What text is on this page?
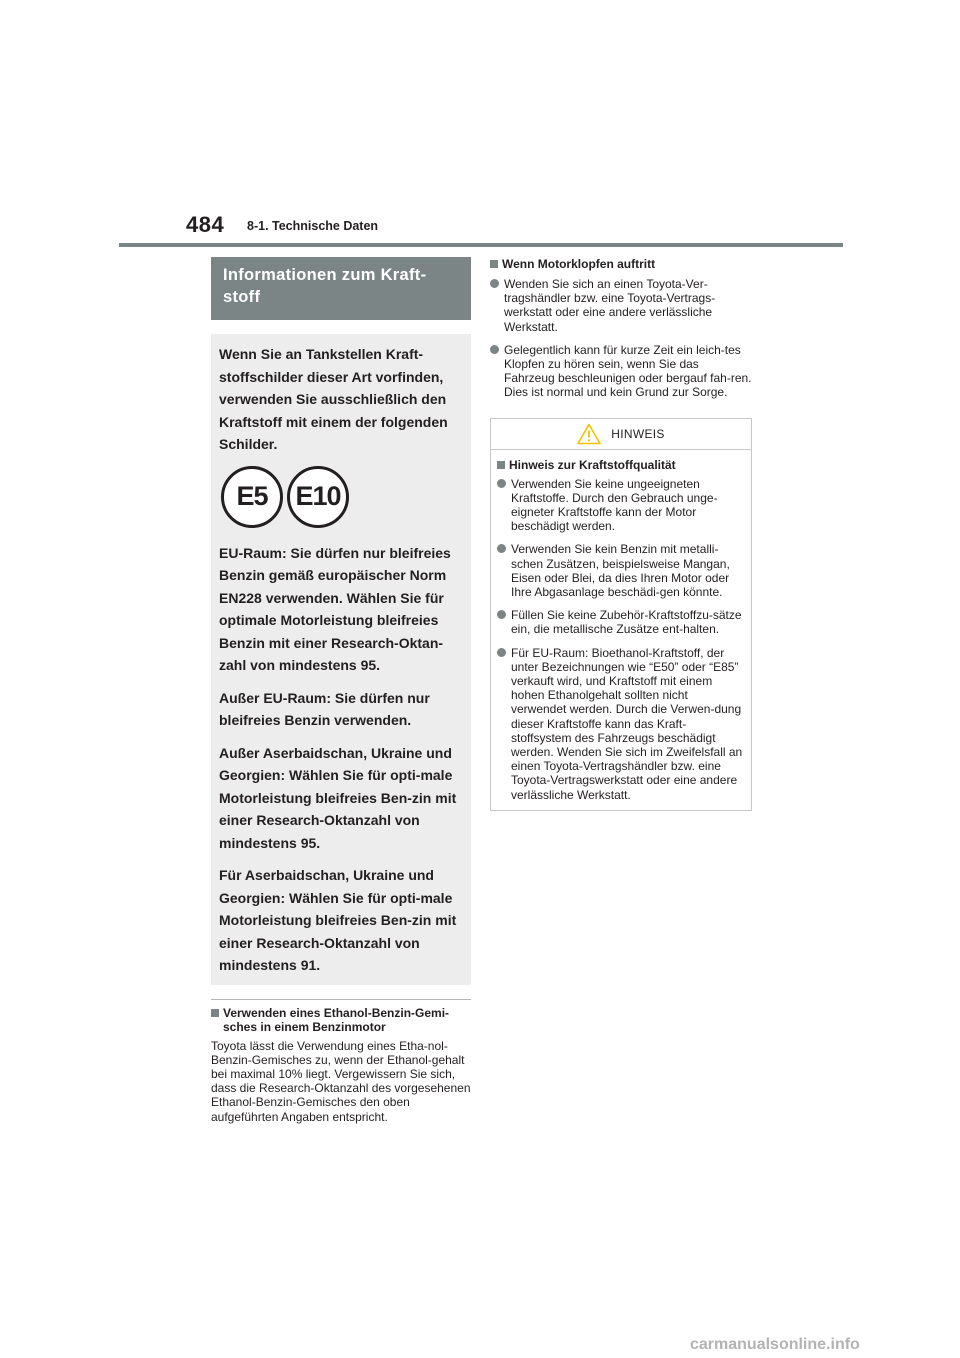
484 8-1. Technische Daten
Informationen zum Kraft-stoff

Wenn Sie an Tankstellen Kraft-stoffschilder dieser Art vorfinden, verwenden Sie ausschließlich den Kraftstoff mit einem der folgenden Schilder.

E5	E10

EU-Raum: Sie dürfen nur bleifreies Benzin gemäß europäischer Norm EN228 verwenden. Wählen Sie für optimale Motorleistung bleifreies Benzin mit einer Research-Oktan-zahl von mindestens 95.

Außer EU-Raum: Sie dürfen nur bleifreies Benzin verwenden.

Außer Aserbaidschan, Ukraine und Georgien: Wählen Sie für opti-male Motorleistung bleifreies Ben-zin mit einer Research-Oktanzahl von mindestens 95.

Für Aserbaidschan, Ukraine und Georgien: Wählen Sie für opti-male Motorleistung bleifreies Ben-zin mit einer Research-Oktanzahl von mindestens 91.

Verwenden eines Ethanol-Benzin-Gemi-sches in einem Benzinmotor
Toyota lässt die Verwendung eines Etha-nol-Benzin-Gemisches zu, wenn der Ethanol-gehalt bei maximal 10% liegt. Vergewissern Sie sich, dass die Research-Oktanzahl des vorgesehenen Ethanol-Benzin-Gemisches den oben aufgeführten Angaben entspricht.
Wenn Motorklopfen auftritt
Wenden Sie sich an einen Toyota-Ver-tragshändler bzw. eine Toyota-Vertrags-werkstatt oder eine andere verlässliche Werkstatt.
Gelegentlich kann für kurze Zeit ein leich-tes Klopfen zu hören sein, wenn Sie das Fahrzeug beschleunigen oder bergauf fah-ren. Dies ist normal und kein Grund zur Sorge.
HINWEIS
Hinweis zur Kraftstoffqualität
Verwenden Sie keine ungeeigneten Kraftstoffe. Durch den Gebrauch unge-eigneter Kraftstoffe kann der Motor beschädigt werden.
Verwenden Sie kein Benzin mit metalli-schen Zusätzen, beispielsweise Mangan, Eisen oder Blei, da dies Ihren Motor oder Ihre Abgasanlage beschädi-gen könnte.
Füllen Sie keine Zubehör-Kraftstoffzu-sätze ein, die metallische Zusätze ent-halten.
Für EU-Raum: Bioethanol-Kraftstoff, der unter Bezeichnungen wie “E50” oder “E85” verkauft wird, und Kraftstoff mit einem hohen Ethanolgehalt sollten nicht verwendet werden. Durch die Verwen-dung dieser Kraftstoffe kann das Kraft-stoffsystem des Fahrzeugs beschädigt werden. Wenden Sie sich im Zweifelsfall an einen Toyota-Vertragshändler bzw. eine Toyota-Vertragswerkstatt oder eine andere verlässliche Werkstatt.
carmanualsonline.info
